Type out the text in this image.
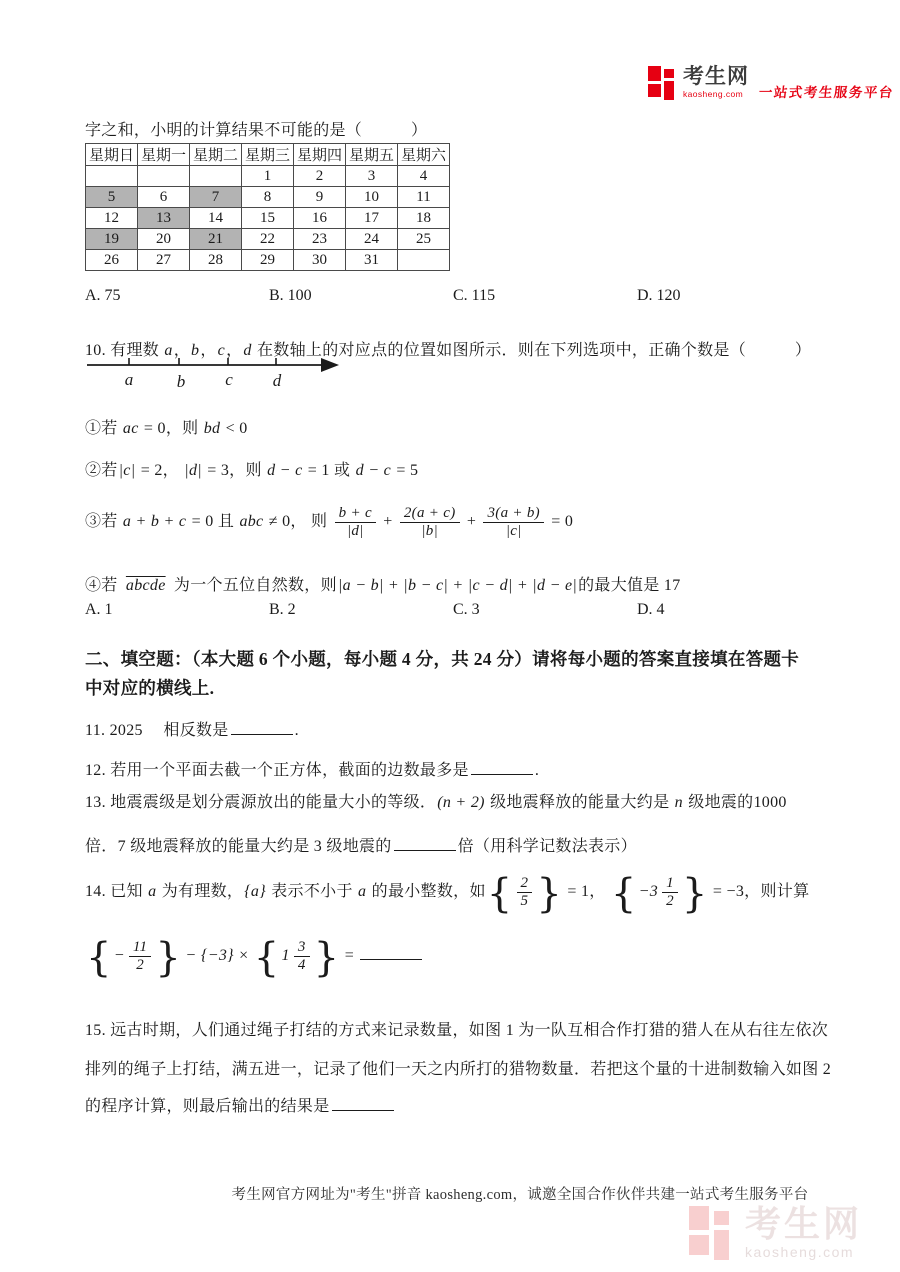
考生网
kaosheng.com	一站式考生服务平台

字之和，小明的计算结果不可能的是（　　　）

星期日	星期一	星期二	星期三	星期四	星期五	星期六
			1	2	3	4
5	6	7	8	9	10	11
12	13	14	15	16	17	18
19	20	21	22	23	24	25
26	27	28	29	30	31	
A. 75	B. 100	C. 115	D. 120

10. 有理数 a，b，c，d 在数轴上的对应点的位置如图所示．则在下列选项中，正确个数是（　　　）

a	b c d

①若 ac = 0，则 bd < 0

②若|c| = 2， |d| = 3，则 d − c = 1 或 d − c = 5

③若 a + b + c = 0 且 abc ≠ 0， 则 $\frac{b + c}{|d|} + \frac{2(a + c)}{|b|} + \frac{3(a + b)}{|c|} = 0$

④若 abcde 为一个五位自然数，则|a − b| + |b − c| + |c − d| + |d − e|的最大值是 17

A. 1	B. 2	C. 3	D. 4
二、填空题：（本大题 6 个小题，每小题 4 分，共 24 分）请将每小题的答案直接填在答题卡
中对应的横线上.

11. 2025　 相反数是	.

12. 若用一个平面去截一个正方体，截面的边数最多是	.

13. 地震震级是划分震源放出的能量大小的等级．(n + 2) 级地震释放的能量大约是 n 级地震的1000

倍．7 级地震释放的能量大约是 3 级地震的	倍（用科学记数法表示）

14. 已知 a 为有理数，{a} 表示不小于 a 的最小整数，如{ $\frac{2}{5}$ } = 1， { $-3 \frac{1}{2}$ } = −3，则计算

{ − $\frac{11}{2}$ } − {−3} × { $1 \frac{3}{4}$ } =

15. 远古时期，人们通过绳子打结的方式来记录数量，如图 1 为一队互相合作打猎的猎人在从右往左依次

排列的绳子上打结，满五进一，记录了他们一天之内所打的猎物数量．若把这个量的十进制数输入如图 2

的程序计算，则最后输出的结果是

考生网官方网址为"考生"拼音 kaosheng.com，诚邀全国合作伙伴共建一站式考生服务平台
考生网
kaosheng.com
